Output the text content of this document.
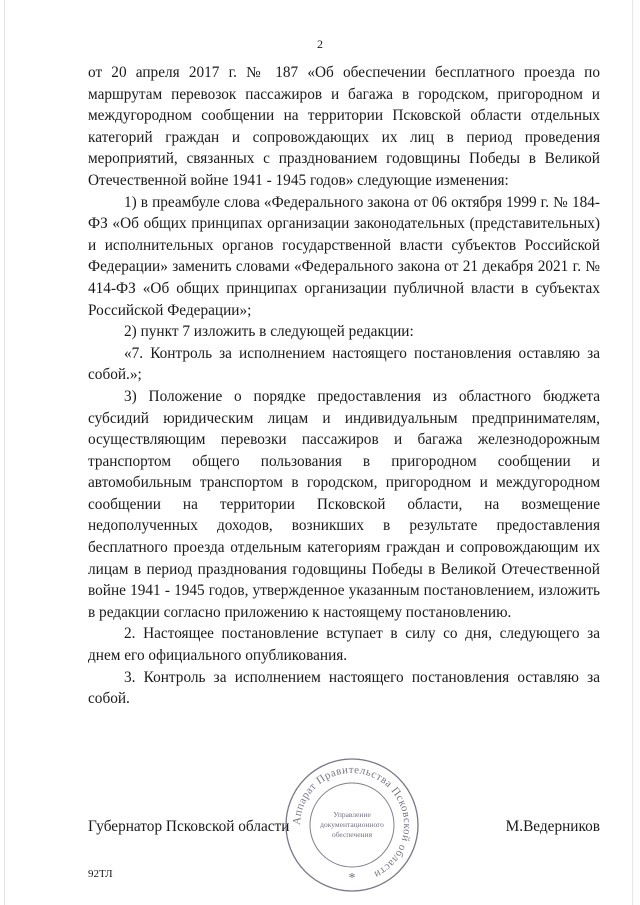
2

от 20 апреля 2017 г. № 187 «Об обеспечении бесплатного проезда по маршрутам перевозок пассажиров и багажа в городском, пригородном и междугородном сообщении на территории Псковской области отдельных категорий граждан и сопровождающих их лиц в период проведения мероприятий, связанных с празднованием годовщины Победы в Великой Отечественной войне 1941 - 1945 годов» следующие изменения:

1) в преамбуле слова «Федерального закона от 06 октября 1999 г. № 184-ФЗ «Об общих принципах организации законодательных (представительных) и исполнительных органов государственной власти субъектов Российской Федерации» заменить словами «Федерального закона от 21 декабря 2021 г. № 414-ФЗ «Об общих принципах организации публичной власти в субъектах Российской Федерации»;

2) пункт 7 изложить в следующей редакции:

«7. Контроль за исполнением настоящего постановления оставляю за собой.»;

3) Положение о порядке предоставления из областного бюджета субсидий юридическим лицам и индивидуальным предпринимателям, осуществляющим перевозки пассажиров и багажа железнодорожным транспортом общего пользования в пригородном сообщении и автомобильным транспортом в городском, пригородном и междугородном сообщении на территории Псковской области, на возмещение недополученных доходов, возникших в результате предоставления бесплатного проезда отдельным категориям граждан и сопровождающим их лицам в период празднования годовщины Победы в Великой Отечественной войне 1941 - 1945 годов, утвержденное указанным постановлением, изложить в редакции согласно приложению к настоящему постановлению.

2. Настоящее постановление вступает в силу со дня, следующего за днем его официального опубликования.

3. Контроль за исполнением настоящего постановления оставляю за собой.

Губернатор Псковской области	М.Ведерников
Аппарат Правительства Псковской области
Управление
документационного
обеспечения
*
92ТЛ
